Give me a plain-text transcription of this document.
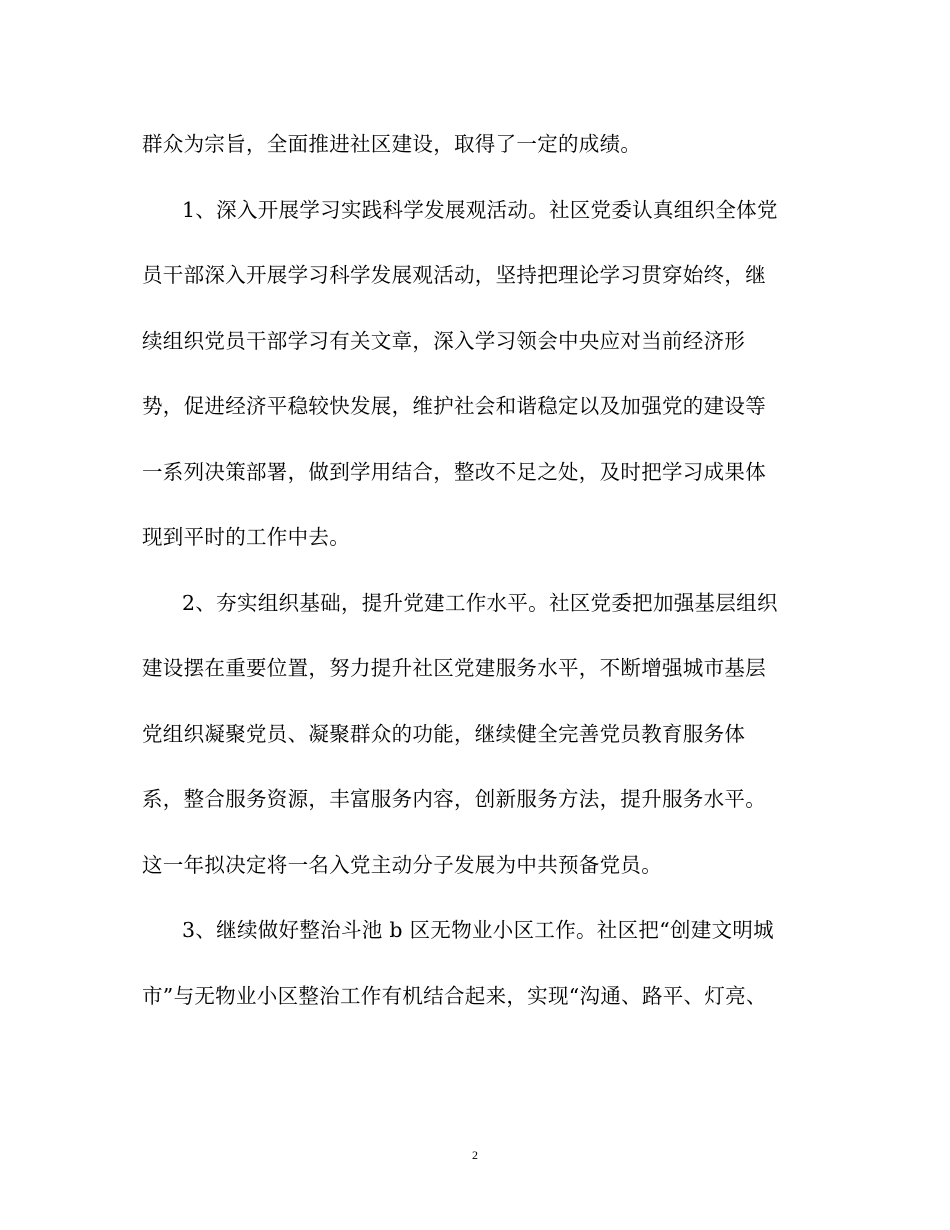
群众为宗旨，全面推进社区建设，取得了一定的成绩。
1、深入开展学习实践科学发展观活动。社区党委认真组织全体党
员干部深入开展学习科学发展观活动，坚持把理论学习贯穿始终，继
续组织党员干部学习有关文章，深入学习领会中央应对当前经济形
势，促进经济平稳较快发展，维护社会和谐稳定以及加强党的建设等
一系列决策部署，做到学用结合，整改不足之处，及时把学习成果体
现到平时的工作中去。
2、夯实组织基础，提升党建工作水平。社区党委把加强基层组织
建设摆在重要位置，努力提升社区党建服务水平，不断增强城市基层
党组织凝聚党员、凝聚群众的功能，继续健全完善党员教育服务体
系，整合服务资源，丰富服务内容，创新服务方法，提升服务水平。
这一年拟决定将一名入党主动分子发展为中共预备党员。
3、继续做好整治斗池 b 区无物业小区工作。社区把“创建文明城
市”与无物业小区整治工作有机结合起来，实现“沟通、路平、灯亮、
2
